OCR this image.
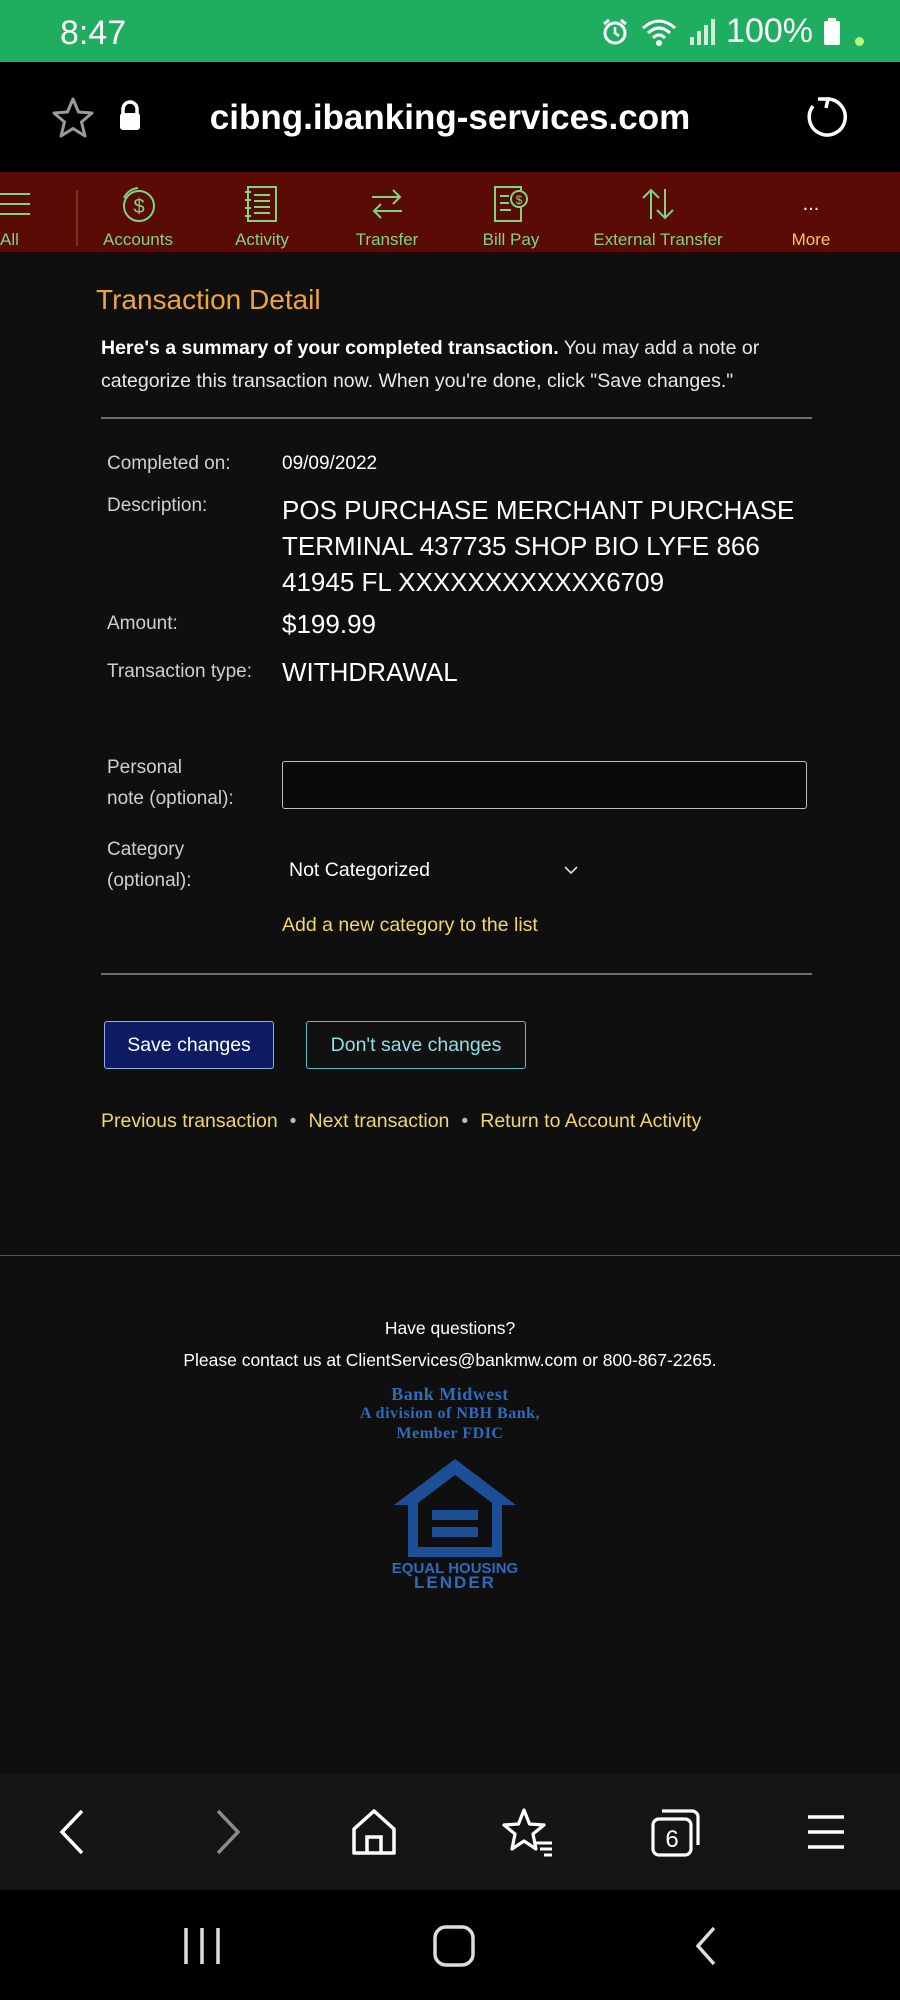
8:47	100%
cibng.ibanking-services.com
All
$
Accounts	Activity	Transfer
$
Bill Pay	External Transfer
...
More
Transaction Detail
Here's a summary of your completed transaction. You may add a note or categorize this transaction now. When you're done, click "Save changes."
Completed on:	09/09/2022
Description:	POS PURCHASE MERCHANT PURCHASE TERMINAL 437735 SHOP BIO LYFE 866 41945 FL XXXXXXXXXXXX6709
Amount:	$199.99
Transaction type: WITHDRAWAL
Personal
note (optional):
Category
(optional):	Not Categorized
Add a new category to the list
Save changes	Don't save changes
Previous transaction • Next transaction • Return to Account Activity
Have questions?
Please contact us at ClientServices@bankmw.com or 800-867-2265.
Bank Midwest
A division of NBH Bank,
Member FDIC
EQUAL HOUSING
LENDER
6
